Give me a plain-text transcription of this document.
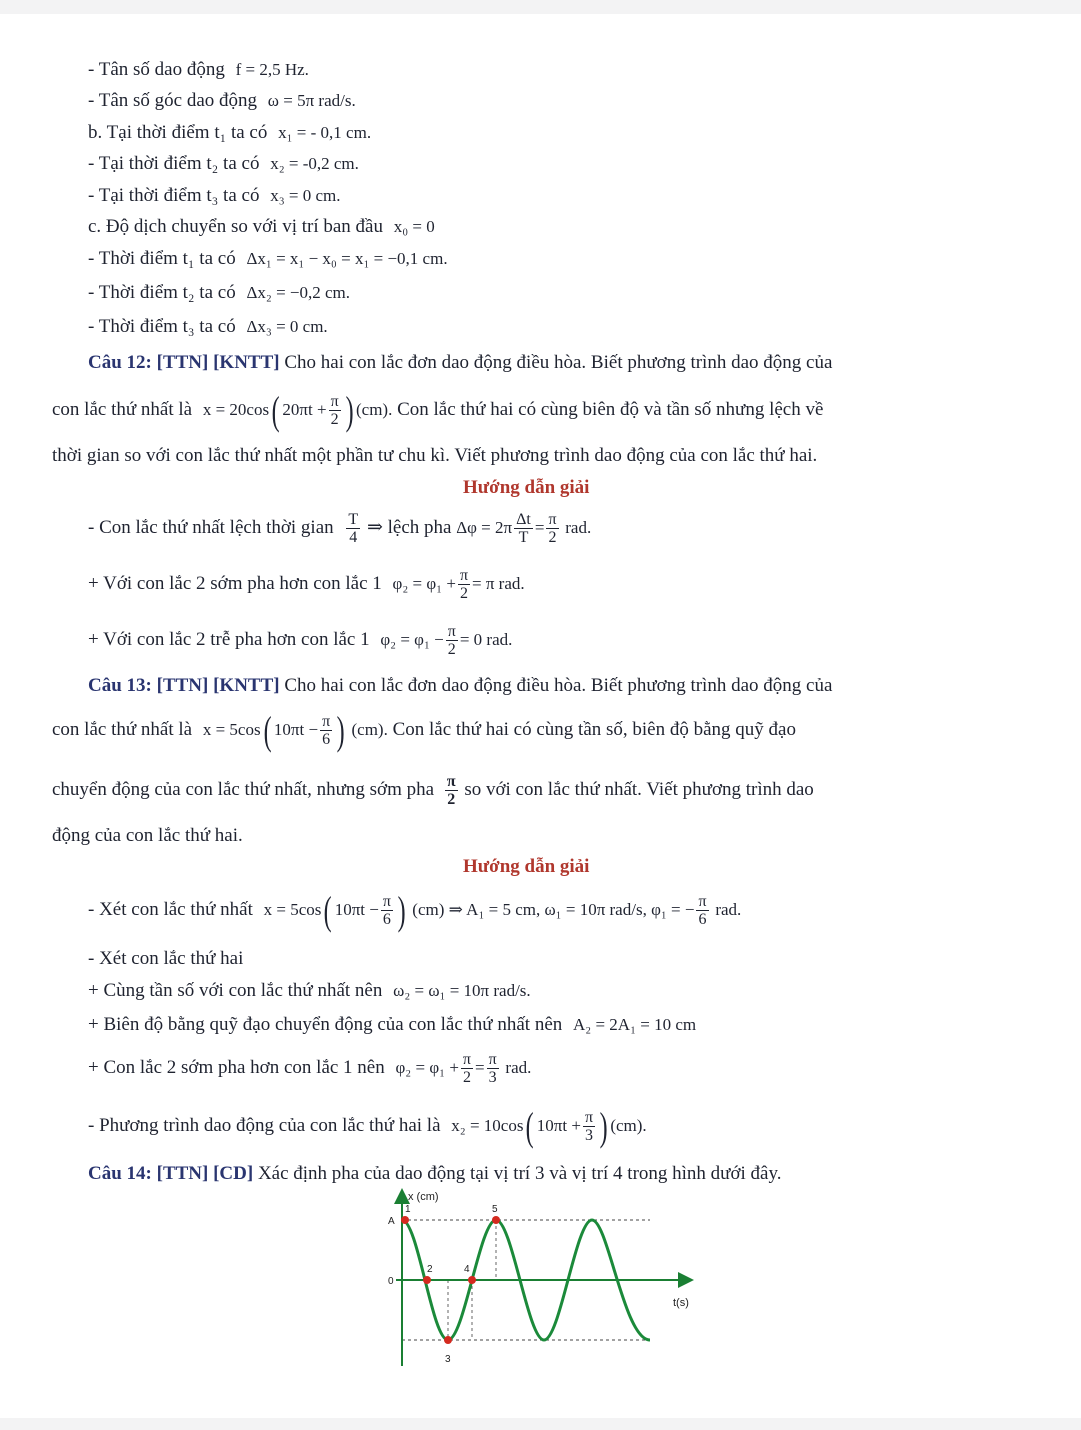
- Tân số dao động f = 2,5 Hz.
- Tân số góc dao động ω = 5π rad/s.
b. Tại thời điểm t₁ ta có x₁ = - 0,1 cm.
- Tại thời điểm t₂ ta có x₂ = -0,2 cm.
- Tại thời điểm t₃ ta có x₃ = 0 cm.
c. Độ dịch chuyển so với vị trí ban đầu x₀ = 0
- Thời điểm t₁ ta có Δx₁ = x₁ − x₀ = x₁ = −0,1 cm.
- Thời điểm t₂ ta có Δx₂ = −0,2 cm.
- Thời điểm t₃ ta có Δx₃ = 0 cm.
Câu 12: [TTN] [KNTT] Cho hai con lắc đơn dao động điều hòa. Biết phương trình dao động của
con lắc thứ nhất là x = 20cos( $20\pi t + \frac{\pi}{2}$ ) (cm). Con lắc thứ hai có cùng biên độ và tần số nhưng lệch về
thời gian so với con lắc thứ nhất một phần tư chu kì. Viết phương trình dao động của con lắc thứ hai.
Hướng dẫn giải
- Con lắc thứ nhất lệch thời gian $\frac{T}{4}$ ⇒ lệch pha $\Delta\varphi = 2\pi \frac{\Delta t}{T} = \frac{\pi}{2}$ rad.
+ Với con lắc 2 sớm pha hơn con lắc 1 $\varphi_2 = \varphi_1 + \frac{\pi}{2} = \pi$ rad.
+ Với con lắc 2 trễ pha hơn con lắc 1 $\varphi_2 = \varphi_1 - \frac{\pi}{2} = 0$ rad.
Câu 13: [TTN] [KNTT] Cho hai con lắc đơn dao động điều hòa. Biết phương trình dao động của
con lắc thứ nhất là x = 5cos( $10\pi t - \frac{\pi}{6}$ ) (cm). Con lắc thứ hai có cùng tần số, biên độ bằng quỹ đạo
chuyển động của con lắc thứ nhất, nhưng sớm pha $\frac{\pi}{2}$ so với con lắc thứ nhất. Viết phương trình dao
động của con lắc thứ hai.
Hướng dẫn giải
- Xét con lắc thứ nhất x = 5cos( $10\pi t - \frac{\pi}{6}$ ) (cm) ⇒ A₁ = 5 cm, ω₁ = 10π rad/s, φ₁ = − $\frac{\pi}{6}$ rad.
- Xét con lắc thứ hai
+ Cùng tần số với con lắc thứ nhất nên ω₂ = ω₁ = 10π rad/s.
+ Biên độ bằng quỹ đạo chuyển động của con lắc thứ nhất nên A₂ = 2A₁ = 10 cm
+ Con lắc 2 sớm pha hơn con lắc 1 nên $\varphi_2 = \varphi_1 + \frac{\pi}{2} = \frac{\pi}{3}$ rad.
- Phương trình dao động của con lắc thứ hai là x₂ = 10cos( $10\pi t + \frac{\pi}{3}$ ) (cm).
Câu 14: [TTN] [CD] Xác định pha của dao động tại vị trí 3 và vị trí 4 trong hình dưới đây.
x (cm)
t(s)
A
0
1
2
3
4
5
